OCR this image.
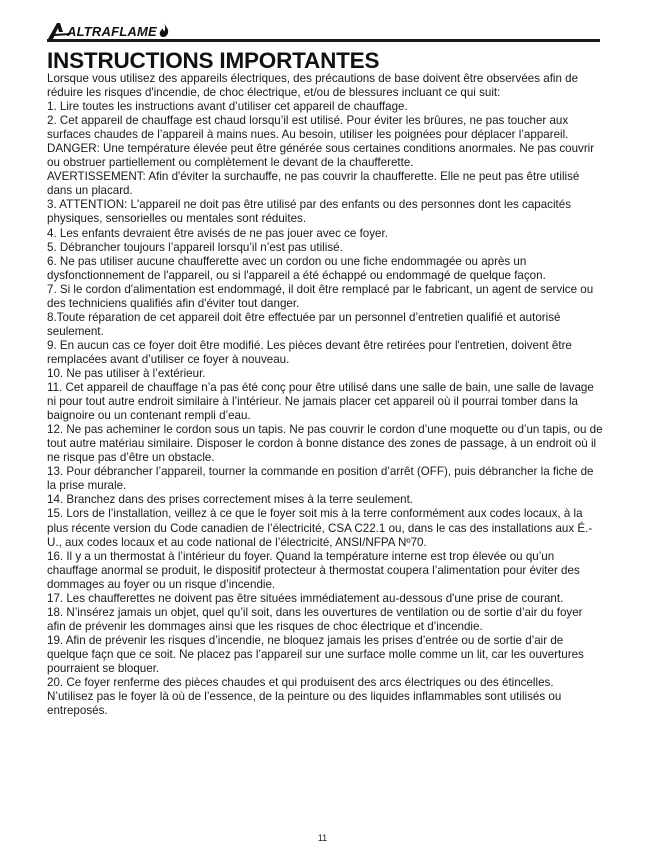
ALTRAFLAME
INSTRUCTIONS IMPORTANTES

Lorsque vous utilisez des appareils électriques, des précautions de base doivent être observées afin de réduire les risques d'incendie, de choc électrique, et/ou de blessures incluant ce qui suit:

1. Lire toutes les instructions avant d’utiliser cet appareil de chauffage.

2. Cet appareil de chauffage est chaud lorsqu’il est utilisé. Pour éviter les brûures, ne pas toucher aux surfaces chaudes de l’appareil à mains nues. Au besoin, utiliser les poignées pour déplacer l’appareil.

DANGER: Une température élevée peut être générée sous certaines conditions anormales. Ne pas couvrir ou obstruer partiellement ou complètement le devant de la chaufferette.

AVERTISSEMENT: Afin d'éviter la surchauffe, ne pas couvrir la chaufferette. Elle ne peut pas être utilisé dans un placard.

3. ATTENTION: L'appareil ne doit pas être utilisé par des enfants ou des personnes dont les capacités physiques, sensorielles ou mentales sont réduites.

4. Les enfants devraient être avisés de ne pas jouer avec ce foyer.

5. Débrancher toujours l’appareil lorsqu’il n’est pas utilisé.

6. Ne pas utiliser aucune chaufferette avec un cordon ou une fiche endommagée ou après un dysfonctionnement de l'appareil, ou si l'appareil a été échappé ou endommagé de quelque façon.

7. Si le cordon d'alimentation est endommagé, il doit être remplacé par le fabricant, un agent de service ou des techniciens qualifiés afin d'éviter tout danger.

8.Toute réparation de cet appareil doit être effectuée par un personnel d’entretien qualifié et autorisé seulement.

9. En aucun cas ce foyer doit être modifié. Les pièces devant être retirées pour l'entretien, doivent être remplacées avant d’utiliser ce foyer à nouveau.

10. Ne pas utiliser à l’extérieur.

11. Cet appareil de chauffage n’a pas été conç pour être utilisé dans une salle de bain, une salle de lavage ni pour tout autre endroit similaire à l’intérieur. Ne jamais placer cet appareil où il pourrai tomber dans la baignoire ou un contenant rempli d’eau.

12. Ne pas acheminer le cordon sous un tapis. Ne pas couvrir le cordon d’une moquette ou d’un tapis, ou de tout autre matériau similaire. Disposer le cordon à bonne distance des zones de passage, à un endroit où il ne risque pas d’être un obstacle.

13. Pour débrancher l’appareil, tourner la commande en position d’arrêt (OFF), puis débrancher la fiche de la prise murale.

14. Branchez dans des prises correctement mises à la terre seulement.

15. Lors de l’installation, veillez à ce que le foyer soit mis à la terre conformément aux codes locaux, à la plus récente version du Code canadien de l’électricité, CSA C22.1 ou, dans le cas des installations aux É.-U., aux codes locaux et au code national de l’électricité, ANSI/NFPA Nº70.

16. Il y a un thermostat à l’intérieur du foyer. Quand la température interne est trop élevée ou qu’un chauffage anormal se produit, le dispositif protecteur à thermostat coupera l’alimentation pour éviter des dommages au foyer ou un risque d’incendie.

17. Les chaufferettes ne doivent pas être situées immédiatement au-dessous d'une prise de courant.

18. N’insérez jamais un objet, quel qu’il soit, dans les ouvertures de ventilation ou de sortie d’air du foyer afin de prévenir les dommages ainsi que les risques de choc électrique et d’incendie.

19. Afin de prévenir les risques d’incendie, ne bloquez jamais les prises d’entrée ou de sortie d’air de quelque façn que ce soit. Ne placez pas l’appareil sur une surface molle comme un lit, car les ouvertures pourraient se bloquer.

20. Ce foyer renferme des pièces chaudes et qui produisent des arcs électriques ou des étincelles. N’utilisez pas le foyer là où de l’essence, de la peinture ou des liquides inflammables sont utilisés ou entreposés.

11
